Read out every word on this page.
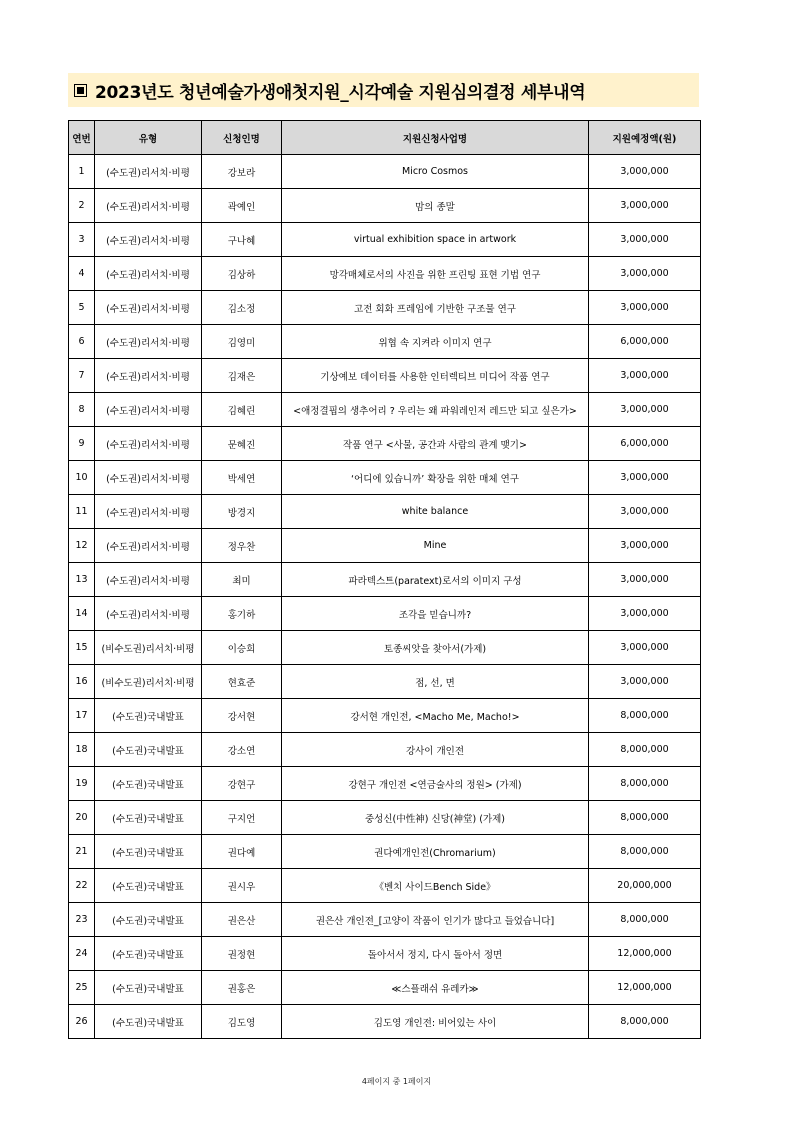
2023년도 청년예술가생애첫지원_시각예술 지원심의결정 세부내역
연번	유형	신청인명	지원신청사업명	지원예정액(원)
1	(수도권)리서치·비평	강보라	Micro Cosmos	3,000,000
2	(수도권)리서치·비평	곽예인	맘의 종말	3,000,000
3	(수도권)리서치·비평	구나혜	virtual exhibition space in artwork	3,000,000
4	(수도권)리서치·비평	김상하	망각매체로서의 사진을 위한 프린팅 표현 기법 연구	3,000,000
5	(수도권)리서치·비평	김소정	고전 회화 프레임에 기반한 구조물 연구	3,000,000
6	(수도권)리서치·비평	김영미	위협 속 지켜라 이미지 연구	6,000,000
7	(수도권)리서치·비평	김재은	기상예보 데이터를 사용한 인터렉티브 미디어 작품 연구	3,000,000
8	(수도권)리서치·비평	김혜린	<애정결핍의 생추어리 ? 우리는 왜 파워레인저 레드만 되고 싶은가>	3,000,000
9	(수도권)리서치·비평	문혜진	작품 연구 <사물, 공간과 사람의 관계 맺기>	6,000,000
10	(수도권)리서치·비평	박세연	‘어디에 있습니까’ 확장을 위한 매체 연구	3,000,000
11	(수도권)리서치·비평	방경지	white balance	3,000,000
12	(수도권)리서치·비평	정우찬	Mine	3,000,000
13	(수도권)리서치·비평	최미	파라텍스트(paratext)로서의 이미지 구성	3,000,000
14	(수도권)리서치·비평	홍기하	조각을 믿습니까?	3,000,000
15	(비수도권)리서치·비평	이승희	토종씨앗을 찾아서(가제)	3,000,000
16	(비수도권)리서치·비평	현효준	점, 선, 면	3,000,000
17	(수도권)국내발표	강서현	강서현 개인전, <Macho Me, Macho!>	8,000,000
18	(수도권)국내발표	강소연	강사이 개인전	8,000,000
19	(수도권)국내발표	강현구	강현구 개인전 <연금술사의 정원> (가제)	8,000,000
20	(수도권)국내발표	구지언	중성신(中性神) 신당(神堂) (가제)	8,000,000
21	(수도권)국내발표	권다예	권다예개인전(Chromarium)	8,000,000
22	(수도권)국내발표	권시우	《벤치 사이드Bench Side》	20,000,000
23	(수도권)국내발표	권은산	권은산 개인전_[고양이 작품이 인기가 많다고 들었습니다]	8,000,000
24	(수도권)국내발표	권정현	돌아서서 정지, 다시 돌아서 정면	12,000,000
25	(수도권)국내발표	권홍은	≪스플래쉬 유레카≫	12,000,000
26	(수도권)국내발표	김도영	김도영 개인전: 비어있는 사이	8,000,000
4페이지 중 1페이지
